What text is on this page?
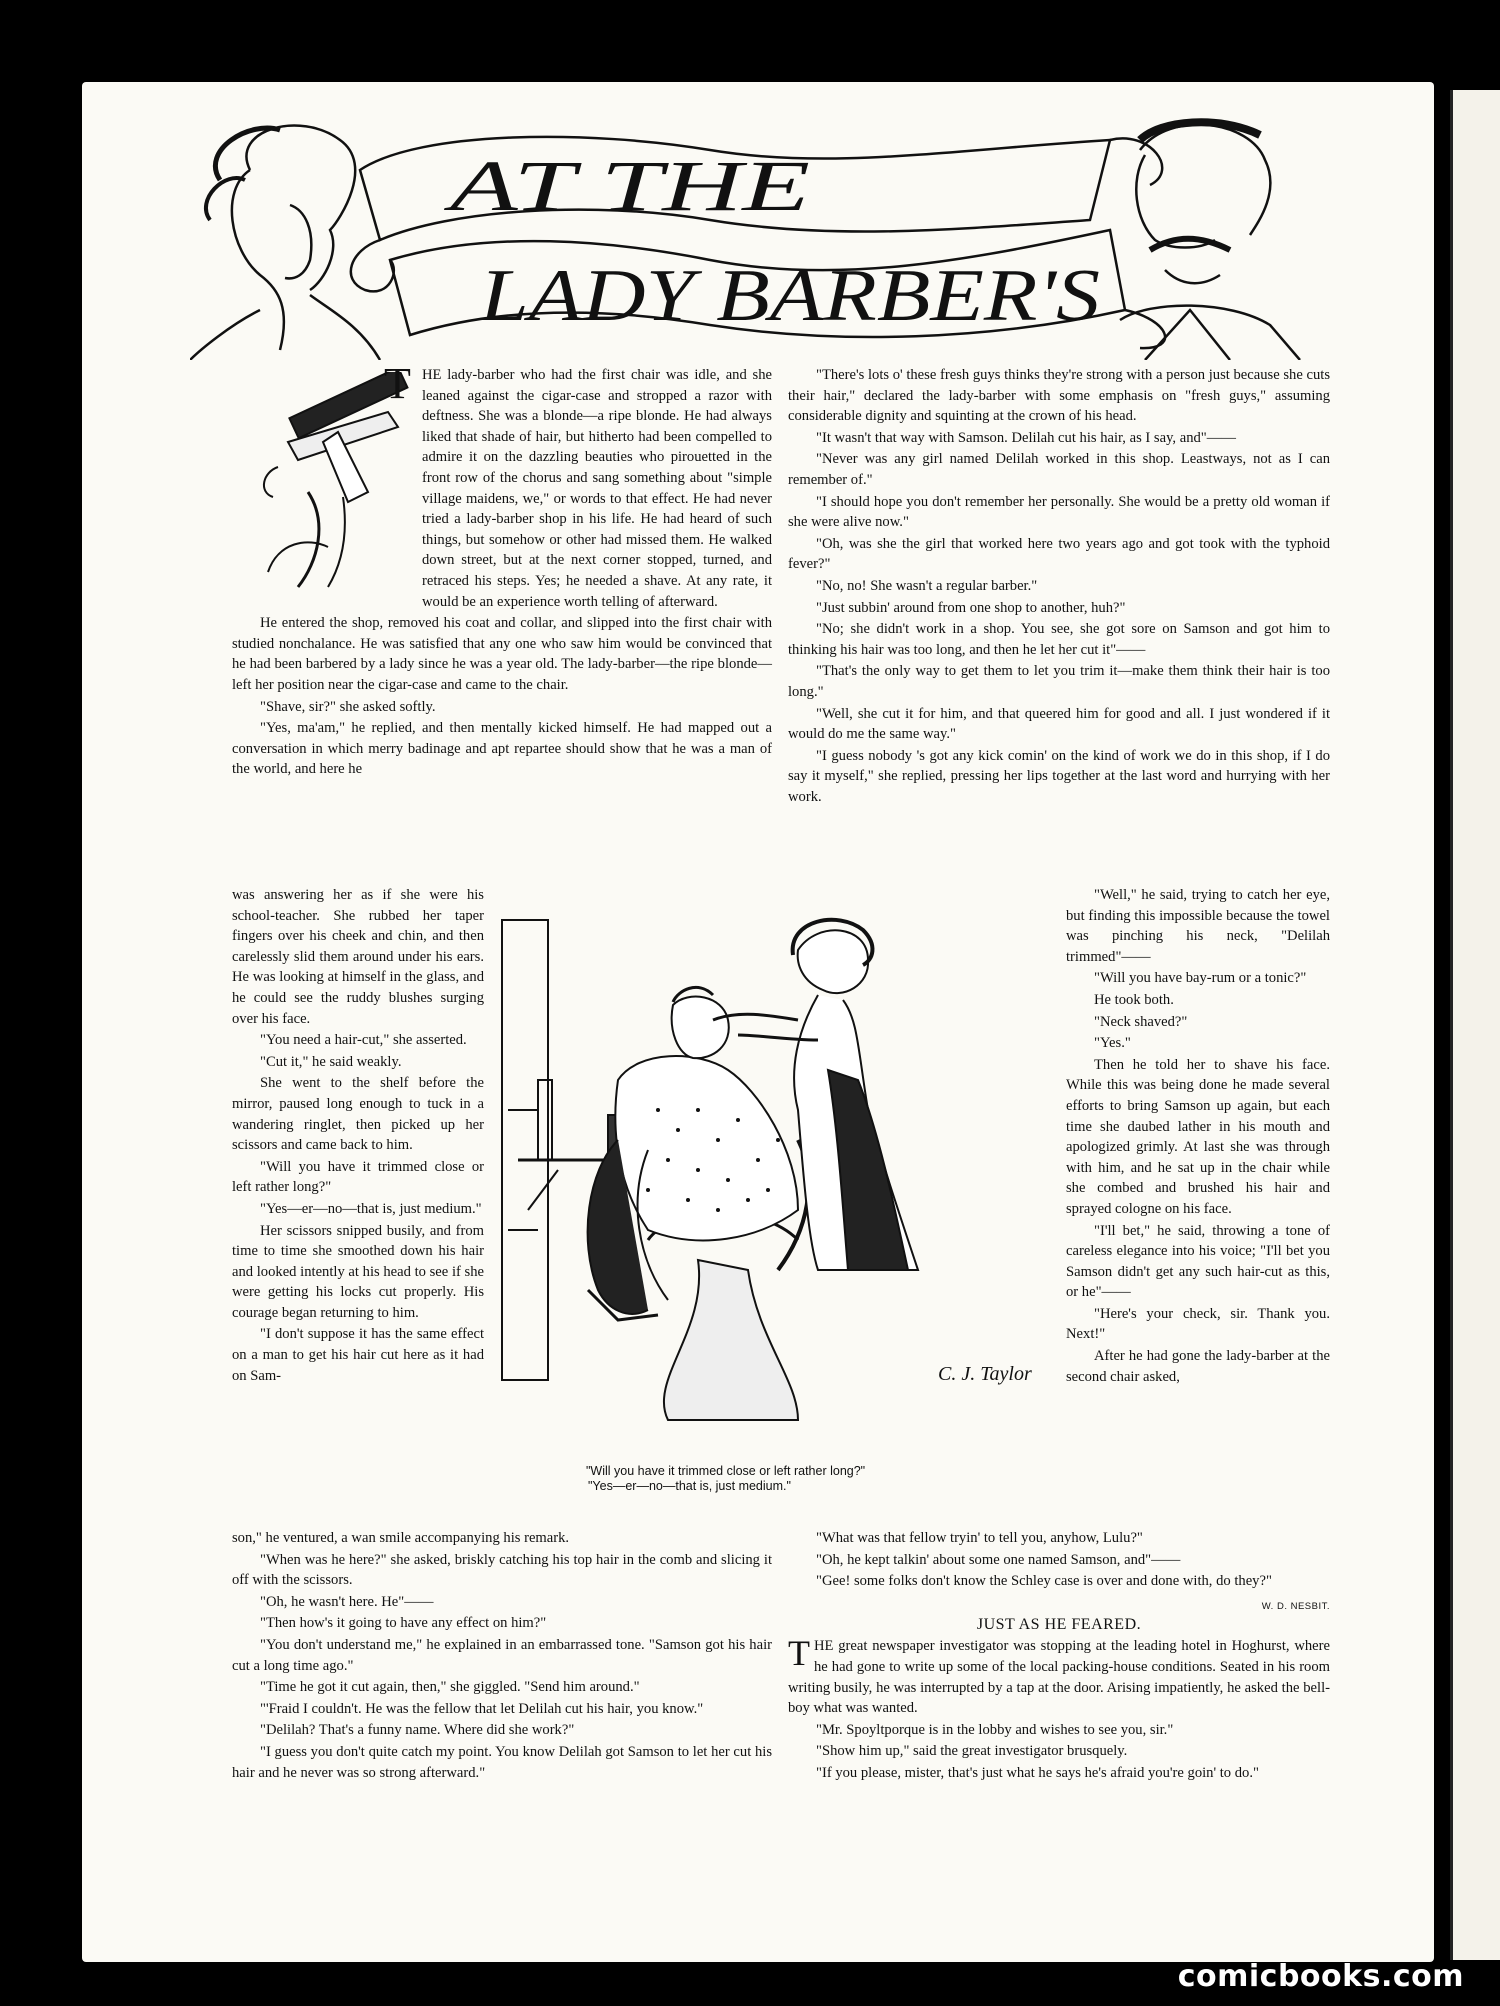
AT THE
LADY BARBER'S

HE lady-barber who had the first chair was idle, and she leaned against the cigar-case and stropped a razor with deftness. She was a blonde—a ripe blonde. He had always liked that shade of hair, but hitherto had been compelled to admire it on the dazzling beauties who pirouetted in the front row of the chorus and sang something about "simple village maidens, we," or words to that effect. He had never tried a lady-barber shop in his life. He had heard of such things, but somehow or other had missed them. He walked down street, but at the next corner stopped, turned, and retraced his steps. Yes; he needed a shave. At any rate, it would be an experience worth telling of afterward.

He entered the shop, removed his coat and collar, and slipped into the first chair with studied nonchalance. He was satisfied that any one who saw him would be convinced that he had been barbered by a lady since he was a year old. The lady-barber—the ripe blonde—left her position near the cigar-case and came to the chair.

"Shave, sir?" she asked softly.

"Yes, ma'am," he replied, and then mentally kicked himself. He had mapped out a conversation in which merry badinage and apt repartee should show that he was a man of the world, and here he

was answering her as if she were his school-teacher. She rubbed her taper fingers over his cheek and chin, and then carelessly slid them around under his ears. He was looking at himself in the glass, and he could see the ruddy blushes surging over his face.

"You need a hair-cut," she asserted.

"Cut it," he said weakly.

She went to the shelf before the mirror, paused long enough to tuck in a wandering ringlet, then picked up her scissors and came back to him.

"Will you have it trimmed close or left rather long?"

"Yes—er—no—that is, just medium."

Her scissors snipped busily, and from time to time she smoothed down his hair and looked intently at his head to see if she were getting his locks cut properly. His courage began returning to him.

"I don't suppose it has the same effect on a man to get his hair cut here as it had on Sam-	C. J. Taylor

"Will you have it trimmed close or left rather long?"

"Yes—er—no—that is, just medium."

son," he ventured, a wan smile accompanying his remark.

"When was he here?" she asked, briskly catching his top hair in the comb and slicing it off with the scissors.

"Oh, he wasn't here. He"——

"Then how's it going to have any effect on him?"

"You don't understand me," he explained in an embarrassed tone. "Samson got his hair cut a long time ago."

"Time he got it cut again, then," she giggled. "Send him around."

"'Fraid I couldn't. He was the fellow that let Delilah cut his hair, you know."

"Delilah? That's a funny name. Where did she work?"

"I guess you don't quite catch my point. You know Delilah got Samson to let her cut his hair and he never was so strong afterward."

"There's lots o' these fresh guys thinks they're strong with a person just because she cuts their hair," declared the lady-barber with some emphasis on "fresh guys," assuming considerable dignity and squinting at the crown of his head.

"It wasn't that way with Samson. Delilah cut his hair, as I say, and"——

"Never was any girl named Delilah worked in this shop. Leastways, not as I can remember of."

"I should hope you don't remember her personally. She would be a pretty old woman if she were alive now."

"Oh, was she the girl that worked here two years ago and got took with the typhoid fever?"

"No, no! She wasn't a regular barber."

"Just subbin' around from one shop to another, huh?"

"No; she didn't work in a shop. You see, she got sore on Samson and got him to thinking his hair was too long, and then he let her cut it"——

"That's the only way to get them to let you trim it—make them think their hair is too long."

"Well, she cut it for him, and that queered him for good and all. I just wondered if it would do me the same way."

"I guess nobody 's got any kick comin' on the kind of work we do in this shop, if I do say it myself," she replied, pressing her lips together at the last word and hurrying with her work.

"Well," he said, trying to catch her eye, but finding this impossible because the towel was pinching his neck, "Delilah trimmed"——

"Will you have bay-rum or a tonic?"

He took both.

"Neck shaved?"

"Yes."

Then he told her to shave his face. While this was being done he made several efforts to bring Samson up again, but each time she daubed lather in his mouth and apologized grimly. At last she was through with him, and he sat up in the chair while she combed and brushed his hair and sprayed cologne on his face.

"I'll bet," he said, throwing a tone of careless elegance into his voice; "I'll bet you Samson didn't get any such hair-cut as this, or he"——

"Here's your check, sir. Thank you. Next!"

After he had gone the lady-barber at the second chair asked,

"What was that fellow tryin' to tell you, anyhow, Lulu?"

"Oh, he kept talkin' about some one named Samson, and"——

"Gee! some folks don't know the Schley case is over and done with, do they?"

W. D. NESBIT.

JUST AS HE FEARED.

THE great newspaper investigator was stopping at the leading hotel in Hoghurst, where he had gone to write up some of the local packing-house conditions. Seated in his room writing busily, he was interrupted by a tap at the door. Arising impatiently, he asked the bell-boy what was wanted.

"Mr. Spoyltporque is in the lobby and wishes to see you, sir."

"Show him up," said the great investigator brusquely.

"If you please, mister, that's just what he says he's afraid you're goin' to do."

T
comicbooks.com
